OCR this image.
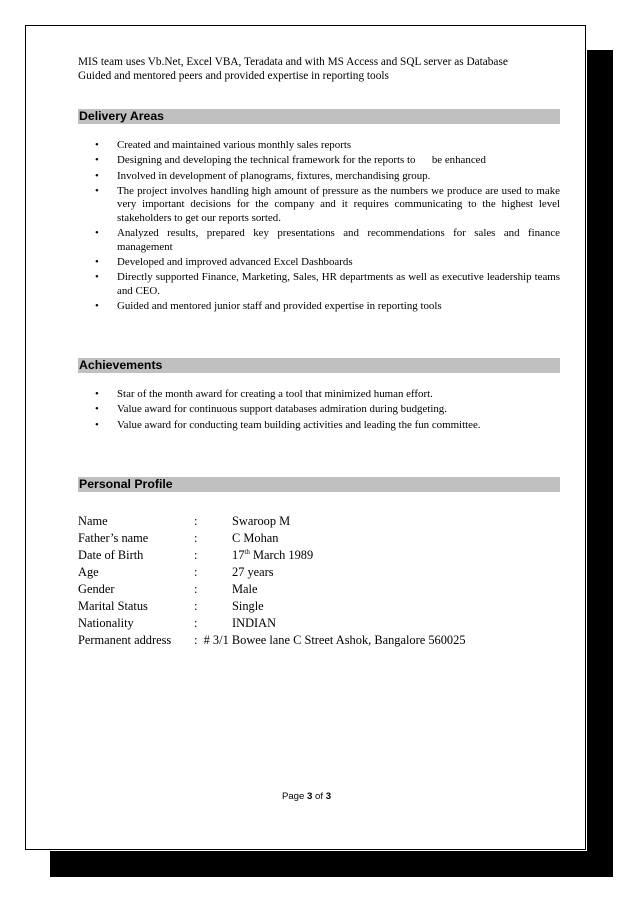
MIS team uses Vb.Net, Excel VBA, Teradata and with MS Access and SQL server as Database
Guided and mentored peers and provided expertise in reporting tools
Delivery Areas
• Created and maintained various monthly sales reports
• Designing and developing the technical framework for the reports to      be enhanced
• Involved in development of planograms, fixtures, merchandising group.
• The project involves handling high amount of pressure as the numbers we produce are used to make very important decisions for the company and it requires communicating to the highest level stakeholders to get our reports sorted.
• Analyzed results, prepared key presentations and recommendations for sales and finance management
• Developed and improved advanced Excel Dashboards
• Directly supported Finance, Marketing, Sales, HR departments as well as executive leadership teams and CEO.
• Guided and mentored junior staff and provided expertise in reporting tools
Achievements
• Star of the month award for creating a tool that minimized human effort.
• Value award for continuous support databases admiration during budgeting.
• Value award for conducting team building activities and leading the fun committee.
Personal Profile
Name	:	Swaroop M
Father’s name	:	C Mohan
Date of Birth	:	17th March 1989
Age	:	27 years
Gender	:	Male
Marital Status	:	Single
Nationality	:	INDIAN
Permanent address :  # 3/1 Bowee lane C Street Ashok, Bangalore 560025
Page 3 of 3
